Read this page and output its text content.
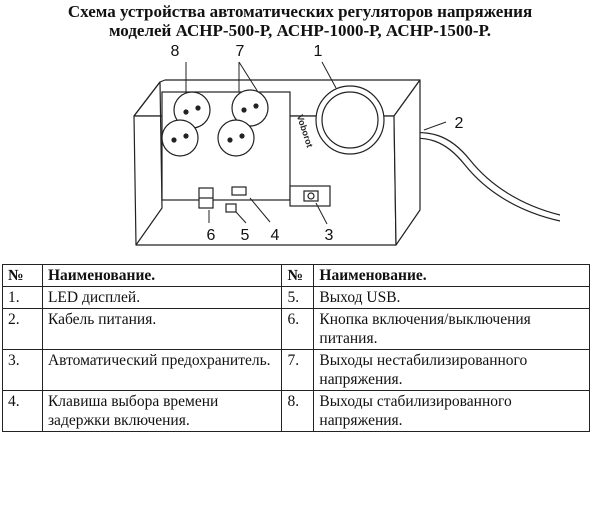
Схема устройства автоматических регуляторов напряжения
моделей АСНР-500-Р, АСНР-1000-Р, АСНР-1500-Р.
Voborot
8	7	1
2
6 5 4	3
№	Наименование.	№	Наименование.
1.	LED дисплей.	5.	Выход USB.
2.	Кабель питания.	6.	Кнопка включения/выключения питания.
3.	Автоматический предохранитель.	7.	Выходы нестабилизированного напряжения.
4.	Клавиша выбора времени задержки включения.	8.	Выходы стабилизированного напряжения.
